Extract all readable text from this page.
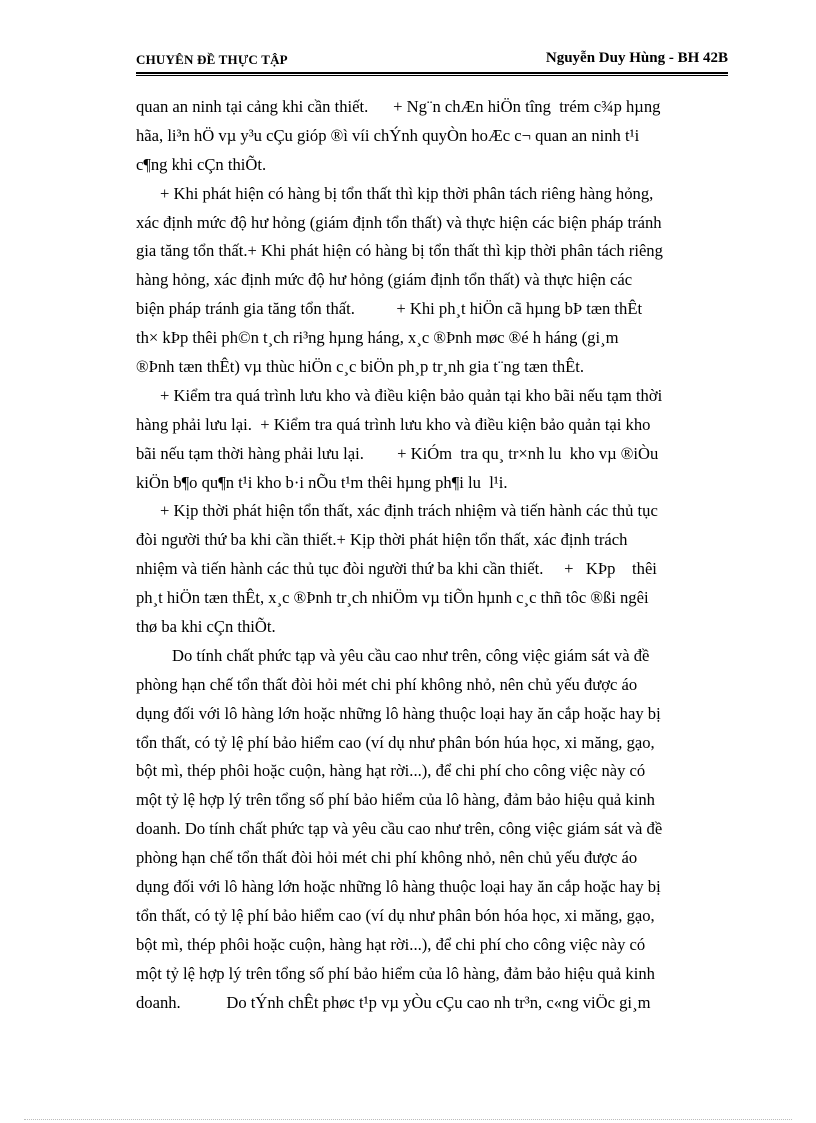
CHUYÊN ĐỀ THỰC TẬP	Nguyễn Duy Hùng - BH 42B
quan an ninh tại cảng khi cần thiết.      + Ng¨n chÆn hiÖn tîng  trém c¾p hµng
hãa, li³n hÖ vµ y³u cÇu gióp ®ì víi chÝnh quyÒn hoÆc c¬ quan an ninh t¹i
c¶ng khi cÇn thiÕt.
+ Khi phát hiện có hàng bị tổn thất thì kịp thời phân tách riêng hàng hỏng,
xác định mức độ hư hỏng (giám định tổn thất) và thực hiện các biện pháp tránh
gia tăng tổn thất.+ Khi phát hiện có hàng bị tổn thất thì kịp thời phân tách riêng
hàng hỏng, xác định mức độ hư hỏng (giám định tổn thất) và thực hiện các
biện pháp tránh gia tăng tổn thất.          + Khi ph¸t hiÖn cã hµng bÞ tæn thÊt
th× kÞp thêi ph©n t¸ch ri³ng hµng háng, x¸c ®Þnh møc ®é h háng (gi¸m
®Þnh tæn thÊt) vµ thùc hiÖn c¸c biÖn ph¸p tr¸nh gia t¨ng tæn thÊt.
+ Kiểm tra quá trình lưu kho và điều kiện bảo quản tại kho bãi nếu tạm thời
hàng phải lưu lại.  + Kiểm tra quá trình lưu kho và điều kiện bảo quản tại kho
bãi nếu tạm thời hàng phải lưu lại.        + KiÓm  tra qu¸ tr×nh lu  kho vµ ®iÒu
kiÖn b¶o qu¶n t¹i kho b·i nÕu t¹m thêi hµng ph¶i lu  l¹i.
+ Kịp thời phát hiện tổn thất, xác định trách nhiệm và tiến hành các thủ tục
đòi người thứ ba khi cần thiết.+ Kịp thời phát hiện tổn thất, xác định trách
nhiệm và tiến hành các thủ tục đòi người thứ ba khi cần thiết.     +   KÞp    thêi
ph¸t hiÖn tæn thÊt, x¸c ®Þnh tr¸ch nhiÖm vµ tiÕn hµnh c¸c thñ tôc ®ßi ngêi
thø ba khi cÇn thiÕt.
Do tính chất phức tạp và yêu cầu cao như trên, công việc giám sát và đề
phòng hạn chế tổn thất đòi hỏi mét chi phí không nhỏ, nên chủ yếu được áo
dụng đối với lô hàng lớn hoặc những lô hàng thuộc loại hay ăn cắp hoặc hay bị
tổn thất, có tỷ lệ phí bảo hiểm cao (ví dụ như phân bón húa học, xi măng, gạo,
bột mì, thép phôi hoặc cuộn, hàng hạt rời...), để chi phí cho công việc này có
một tỷ lệ hợp lý trên tổng số phí bảo hiểm của lô hàng, đảm bảo hiệu quả kinh
doanh. Do tính chất phức tạp và yêu cầu cao như trên, công việc giám sát và đề
phòng hạn chế tổn thất đòi hỏi mét chi phí không nhỏ, nên chủ yếu được áo
dụng đối với lô hàng lớn hoặc những lô hàng thuộc loại hay ăn cắp hoặc hay bị
tổn thất, có tỷ lệ phí bảo hiểm cao (ví dụ như phân bón hóa học, xi măng, gạo,
bột mì, thép phôi hoặc cuộn, hàng hạt rời...), để chi phí cho công việc này có
một tỷ lệ hợp lý trên tổng số phí bảo hiểm của lô hàng, đảm bảo hiệu quả kinh
doanh.           Do tÝnh chÊt phøc t¹p vµ yÒu cÇu cao nh tr³n, c«ng viÖc gi¸m
